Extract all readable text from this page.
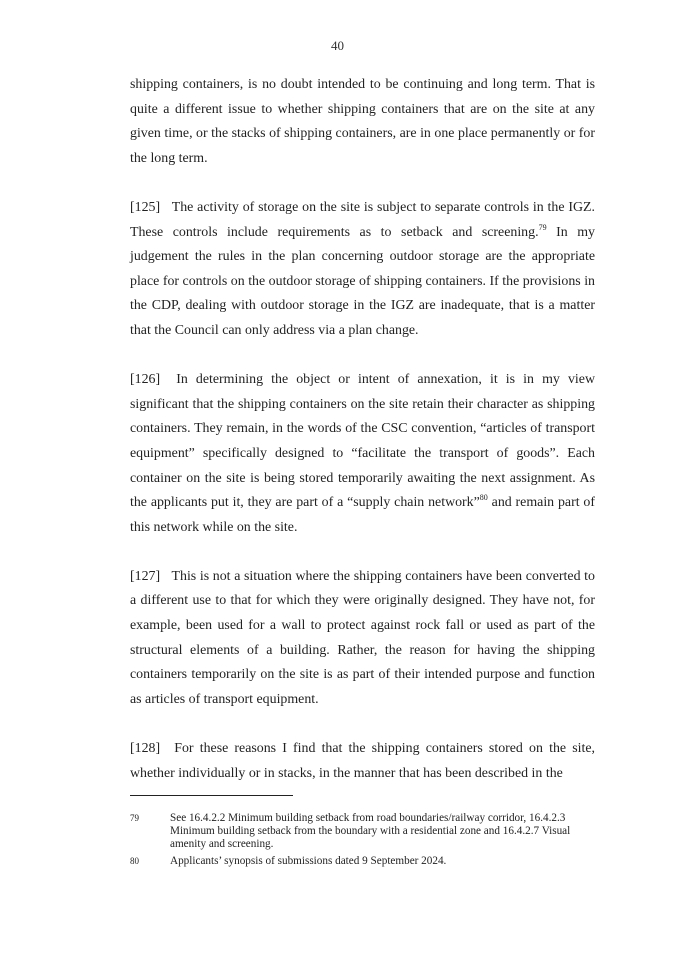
40

shipping containers, is no doubt intended to be continuing and long term. That is quite a different issue to whether shipping containers that are on the site at any given time, or the stacks of shipping containers, are in one place permanently or for the long term.

[125] The activity of storage on the site is subject to separate controls in the IGZ. These controls include requirements as to setback and screening.$^{79}$ In my judgement the rules in the plan concerning outdoor storage are the appropriate place for controls on the outdoor storage of shipping containers. If the provisions in the CDP, dealing with outdoor storage in the IGZ are inadequate, that is a matter that the Council can only address via a plan change.

[126] In determining the object or intent of annexation, it is in my view significant that the shipping containers on the site retain their character as shipping containers. They remain, in the words of the CSC convention, “articles of transport equipment” specifically designed to “facilitate the transport of goods”. Each container on the site is being stored temporarily awaiting the next assignment. As the applicants put it, they are part of a “supply chain network”$^{80}$ and remain part of this network while on the site.

[127] This is not a situation where the shipping containers have been converted to a different use to that for which they were originally designed. They have not, for example, been used for a wall to protect against rock fall or used as part of the structural elements of a building. Rather, the reason for having the shipping containers temporarily on the site is as part of their intended purpose and function as articles of transport equipment.

[128] For these reasons I find that the shipping containers stored on the site, whether individually or in stacks, in the manner that has been described in the

79	See 16.4.2.2 Minimum building setback from road boundaries/railway corridor, 16.4.2.3 Minimum building setback from the boundary with a residential zone and 16.4.2.7 Visual amenity and screening.
80	Applicants’ synopsis of submissions dated 9 September 2024.
